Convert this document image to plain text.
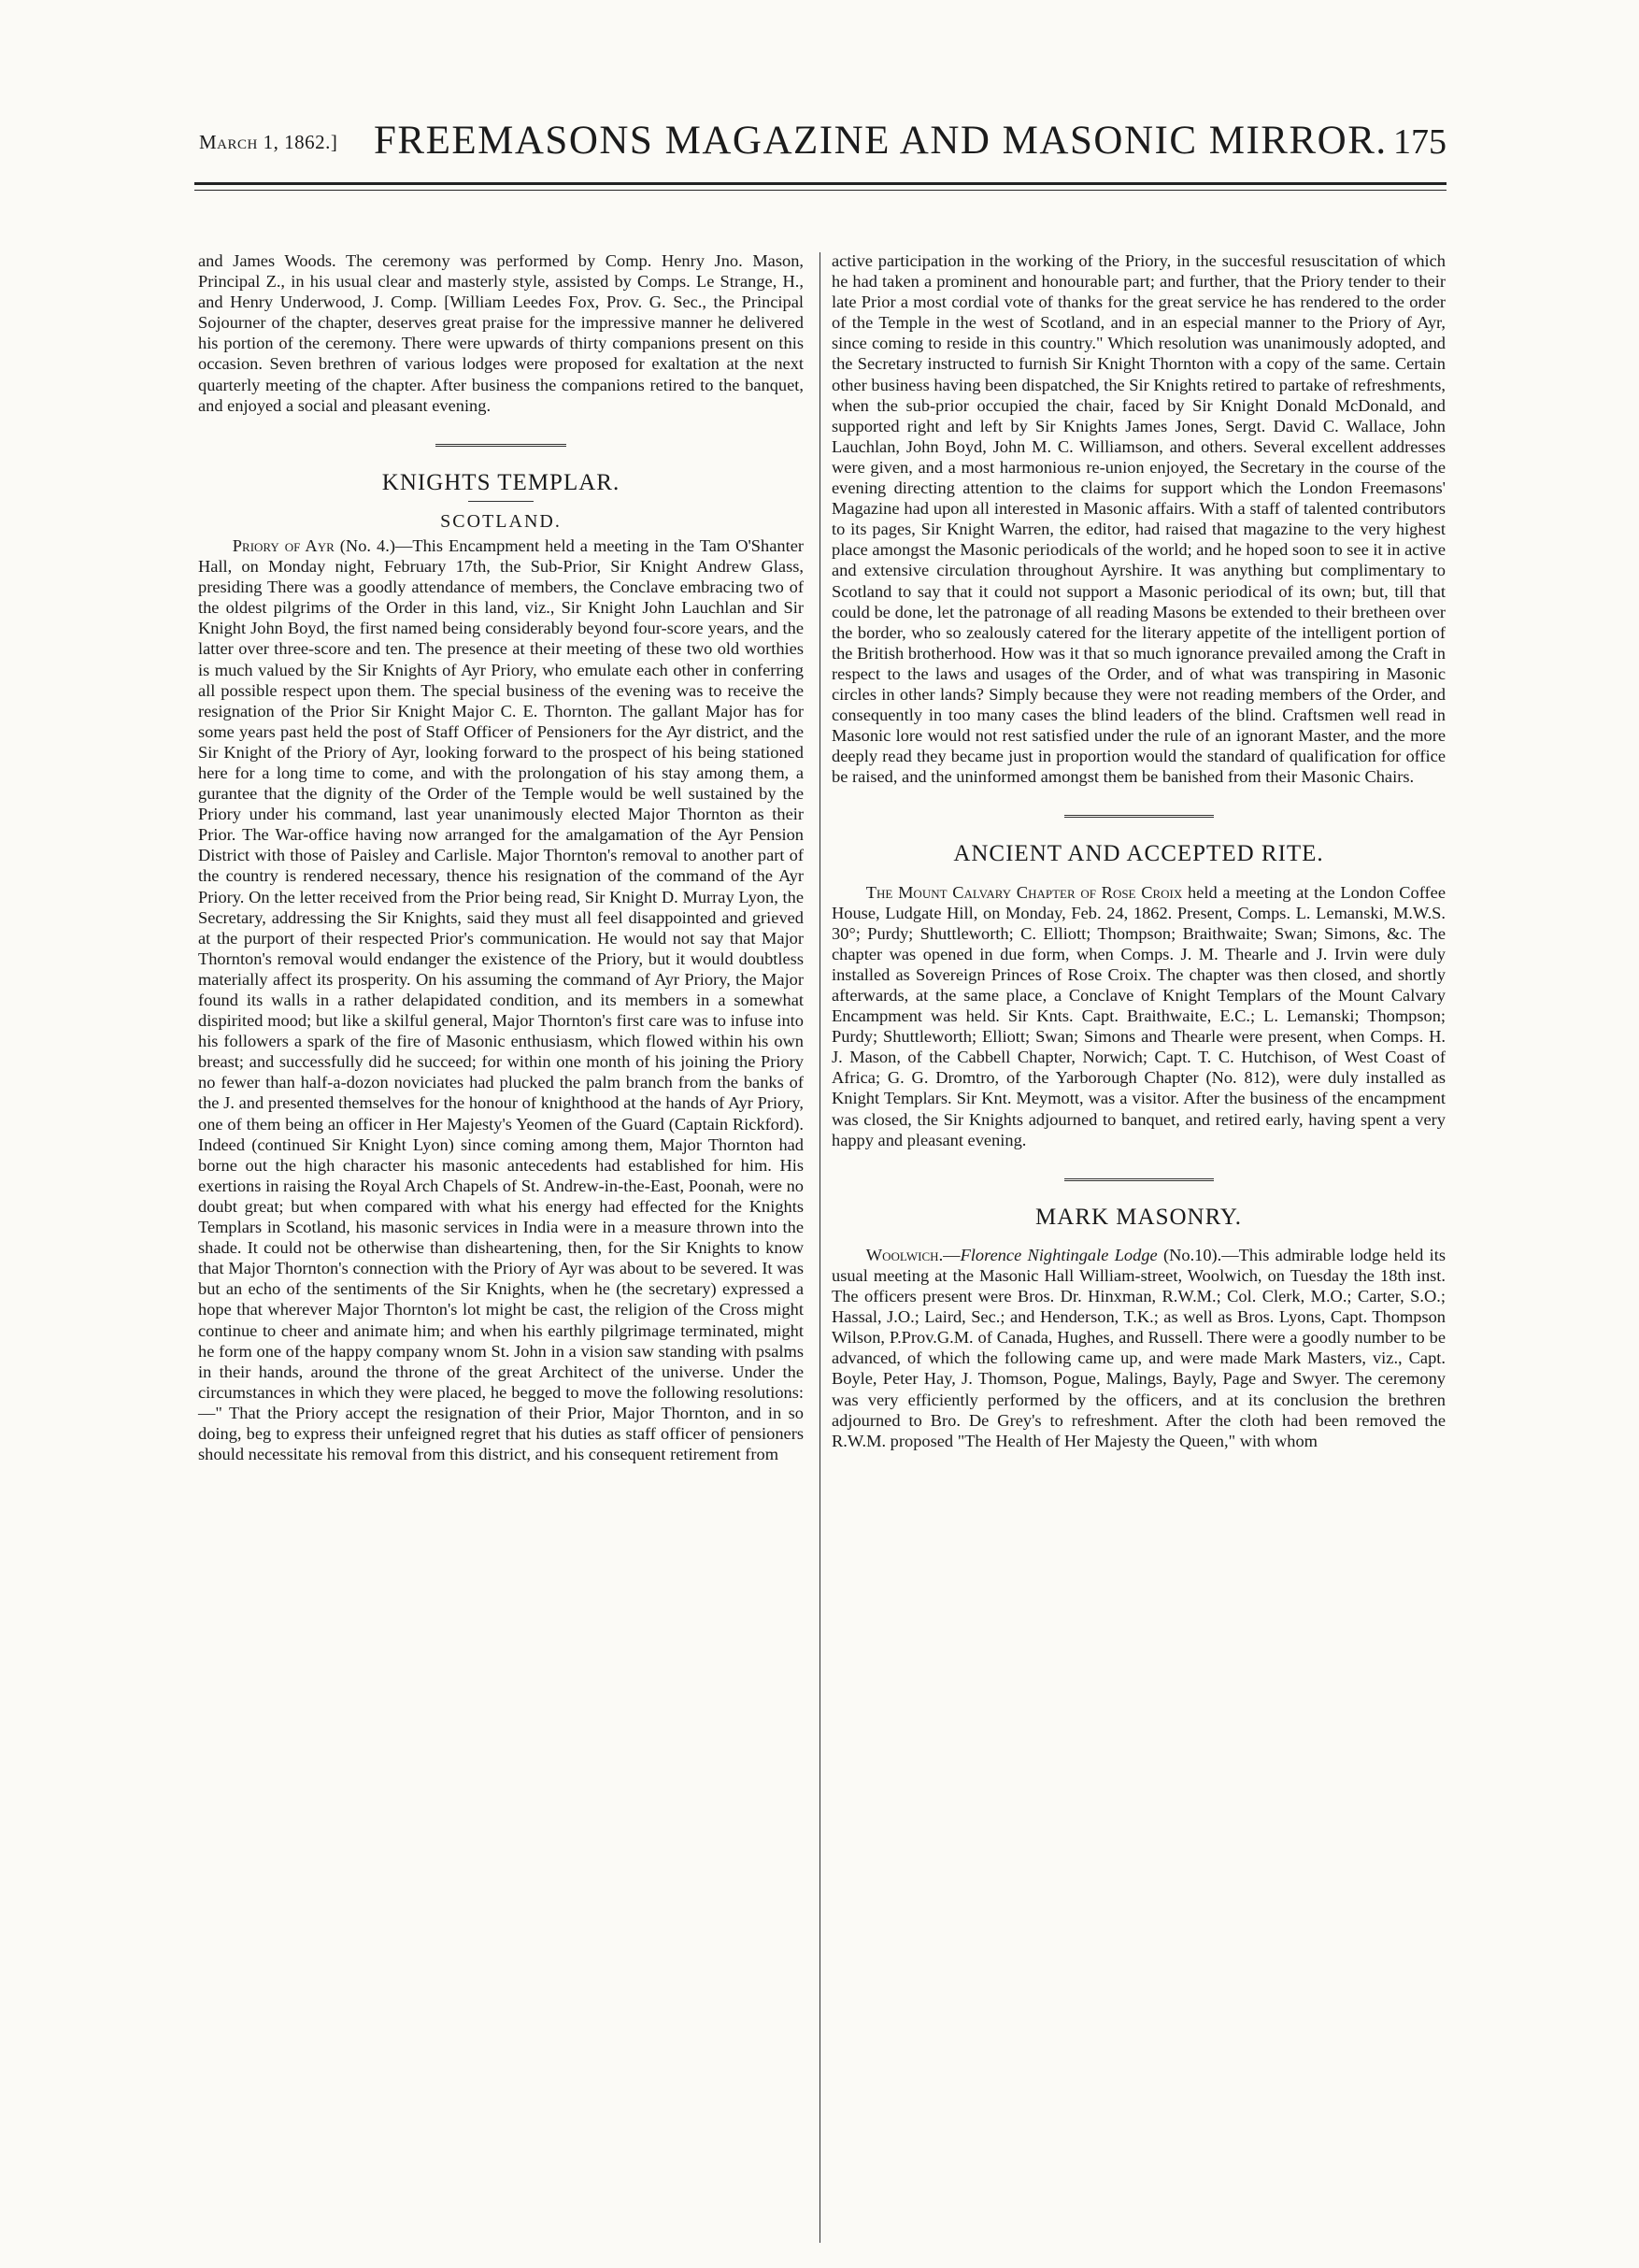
March 1, 1862.] FREEMASONS MAGAZINE AND MASONIC MIRROR. 175

and James Woods. The ceremony was performed by Comp. Henry Jno. Mason, Principal Z., in his usual clear and masterly style, assisted by Comps. Le Strange, H., and Henry Underwood, J. Comp. [William Leedes Fox, Prov. G. Sec., the Principal Sojourner of the chapter, deserves great praise for the impressive manner he delivered his portion of the ceremony. There were upwards of thirty companions present on this occasion. Seven brethren of various lodges were proposed for exaltation at the next quarterly meeting of the chapter. After business the companions retired to the banquet, and enjoyed a social and pleasant evening.

KNIGHTS TEMPLAR.
SCOTLAND.

Priory of Ayr (No. 4.)—This Encampment held a meeting in the Tam O'Shanter Hall, on Monday night, February 17th, the Sub-Prior, Sir Knight Andrew Glass, presiding There was a goodly attendance of members, the Conclave embracing two of the oldest pilgrims of the Order in this land, viz., Sir Knight John Lauchlan and Sir Knight John Boyd, the first named being considerably beyond four-score years, and the latter over three-score and ten. The presence at their meeting of these two old worthies is much valued by the Sir Knights of Ayr Priory, who emulate each other in conferring all possible respect upon them. The special business of the evening was to receive the resignation of the Prior Sir Knight Major C. E. Thornton. The gallant Major has for some years past held the post of Staff Officer of Pensioners for the Ayr district, and the Sir Knight of the Priory of Ayr, looking forward to the prospect of his being stationed here for a long time to come, and with the prolongation of his stay among them, a gurantee that the dignity of the Order of the Temple would be well sustained by the Priory under his command, last year unanimously elected Major Thornton as their Prior. The War-office having now arranged for the amalgamation of the Ayr Pension District with those of Paisley and Carlisle. Major Thornton's removal to another part of the country is rendered necessary, thence his resignation of the command of the Ayr Priory. On the letter received from the Prior being read, Sir Knight D. Murray Lyon, the Secretary, addressing the Sir Knights, said they must all feel disappointed and grieved at the purport of their respected Prior's communication. He would not say that Major Thornton's removal would endanger the existence of the Priory, but it would doubtless materially affect its prosperity. On his assuming the command of Ayr Priory, the Major found its walls in a rather delapidated condition, and its members in a somewhat dispirited mood; but like a skilful general, Major Thornton's first care was to infuse into his followers a spark of the fire of Masonic enthusiasm, which flowed within his own breast; and successfully did he succeed; for within one month of his joining the Priory no fewer than half-a-dozon noviciates had plucked the palm branch from the banks of the J. and presented themselves for the honour of knighthood at the hands of Ayr Priory, one of them being an officer in Her Majesty's Yeomen of the Guard (Captain Rickford). Indeed (continued Sir Knight Lyon) since coming among them, Major Thornton had borne out the high character his masonic antecedents had established for him. His exertions in raising the Royal Arch Chapels of St. Andrew-in-the-East, Poonah, were no doubt great; but when compared with what his energy had effected for the Knights Templars in Scotland, his masonic services in India were in a measure thrown into the shade. It could not be otherwise than disheartening, then, for the Sir Knights to know that Major Thornton's connection with the Priory of Ayr was about to be severed. It was but an echo of the sentiments of the Sir Knights, when he (the secretary) expressed a hope that wherever Major Thornton's lot might be cast, the religion of the Cross might continue to cheer and animate him; and when his earthly pilgrimage terminated, might he form one of the happy company wnom St. John in a vision saw standing with psalms in their hands, around the throne of the great Architect of the universe. Under the circumstances in which they were placed, he begged to move the following resolutions:—" That the Priory accept the resignation of their Prior, Major Thornton, and in so doing, beg to express their unfeigned regret that his duties as staff officer of pensioners should necessitate his removal from this district, and his consequent retirement from

active participation in the working of the Priory, in the succesful resuscitation of which he had taken a prominent and honourable part; and further, that the Priory tender to their late Prior a most cordial vote of thanks for the great service he has rendered to the order of the Temple in the west of Scotland, and in an especial manner to the Priory of Ayr, since coming to reside in this country." Which resolution was unanimously adopted, and the Secretary instructed to furnish Sir Knight Thornton with a copy of the same. Certain other business having been dispatched, the Sir Knights retired to partake of refreshments, when the sub-prior occupied the chair, faced by Sir Knight Donald McDonald, and supported right and left by Sir Knights James Jones, Sergt. David C. Wallace, John Lauchlan, John Boyd, John M. C. Williamson, and others. Several excellent addresses were given, and a most harmonious re-union enjoyed, the Secretary in the course of the evening directing attention to the claims for support which the London Freemasons' Magazine had upon all interested in Masonic affairs. With a staff of talented contributors to its pages, Sir Knight Warren, the editor, had raised that magazine to the very highest place amongst the Masonic periodicals of the world; and he hoped soon to see it in active and extensive circulation throughout Ayrshire. It was anything but complimentary to Scotland to say that it could not support a Masonic periodical of its own; but, till that could be done, let the patronage of all reading Masons be extended to their bretheen over the border, who so zealously catered for the literary appetite of the intelligent portion of the British brotherhood. How was it that so much ignorance prevailed among the Craft in respect to the laws and usages of the Order, and of what was transpiring in Masonic circles in other lands? Simply because they were not reading members of the Order, and consequently in too many cases the blind leaders of the blind. Craftsmen well read in Masonic lore would not rest satisfied under the rule of an ignorant Master, and the more deeply read they became just in proportion would the standard of qualification for office be raised, and the uninformed amongst them be banished from their Masonic Chairs.

ANCIENT AND ACCEPTED RITE.

The Mount Calvary Chapter of Rose Croix held a meeting at the London Coffee House, Ludgate Hill, on Monday, Feb. 24, 1862. Present, Comps. L. Lemanski, M.W.S. 30°; Purdy; Shuttleworth; C. Elliott; Thompson; Braithwaite; Swan; Simons, &c. The chapter was opened in due form, when Comps. J. M. Thearle and J. Irvin were duly installed as Sovereign Princes of Rose Croix. The chapter was then closed, and shortly afterwards, at the same place, a Conclave of Knight Templars of the Mount Calvary Encampment was held. Sir Knts. Capt. Braithwaite, E.C.; L. Lemanski; Thompson; Purdy; Shuttleworth; Elliott; Swan; Simons and Thearle were present, when Comps. H. J. Mason, of the Cabbell Chapter, Norwich; Capt. T. C. Hutchison, of West Coast of Africa; G. G. Dromtro, of the Yarborough Chapter (No. 812), were duly installed as Knight Templars. Sir Knt. Meymott, was a visitor. After the business of the encampment was closed, the Sir Knights adjourned to banquet, and retired early, having spent a very happy and pleasant evening.

MARK MASONRY.

Woolwich.—Florence Nightingale Lodge (No.10).—This admirable lodge held its usual meeting at the Masonic Hall William-street, Woolwich, on Tuesday the 18th inst. The officers present were Bros. Dr. Hinxman, R.W.M.; Col. Clerk, M.O.; Carter, S.O.; Hassal, J.O.; Laird, Sec.; and Henderson, T.K.; as well as Bros. Lyons, Capt. Thompson Wilson, P.Prov.G.M. of Canada, Hughes, and Russell. There were a goodly number to be advanced, of which the following came up, and were made Mark Masters, viz., Capt. Boyle, Peter Hay, J. Thomson, Pogue, Malings, Bayly, Page and Swyer. The ceremony was very efficiently performed by the officers, and at its conclusion the brethren adjourned to Bro. De Grey's to refreshment. After the cloth had been removed the R.W.M. proposed "The Health of Her Majesty the Queen," with whom
